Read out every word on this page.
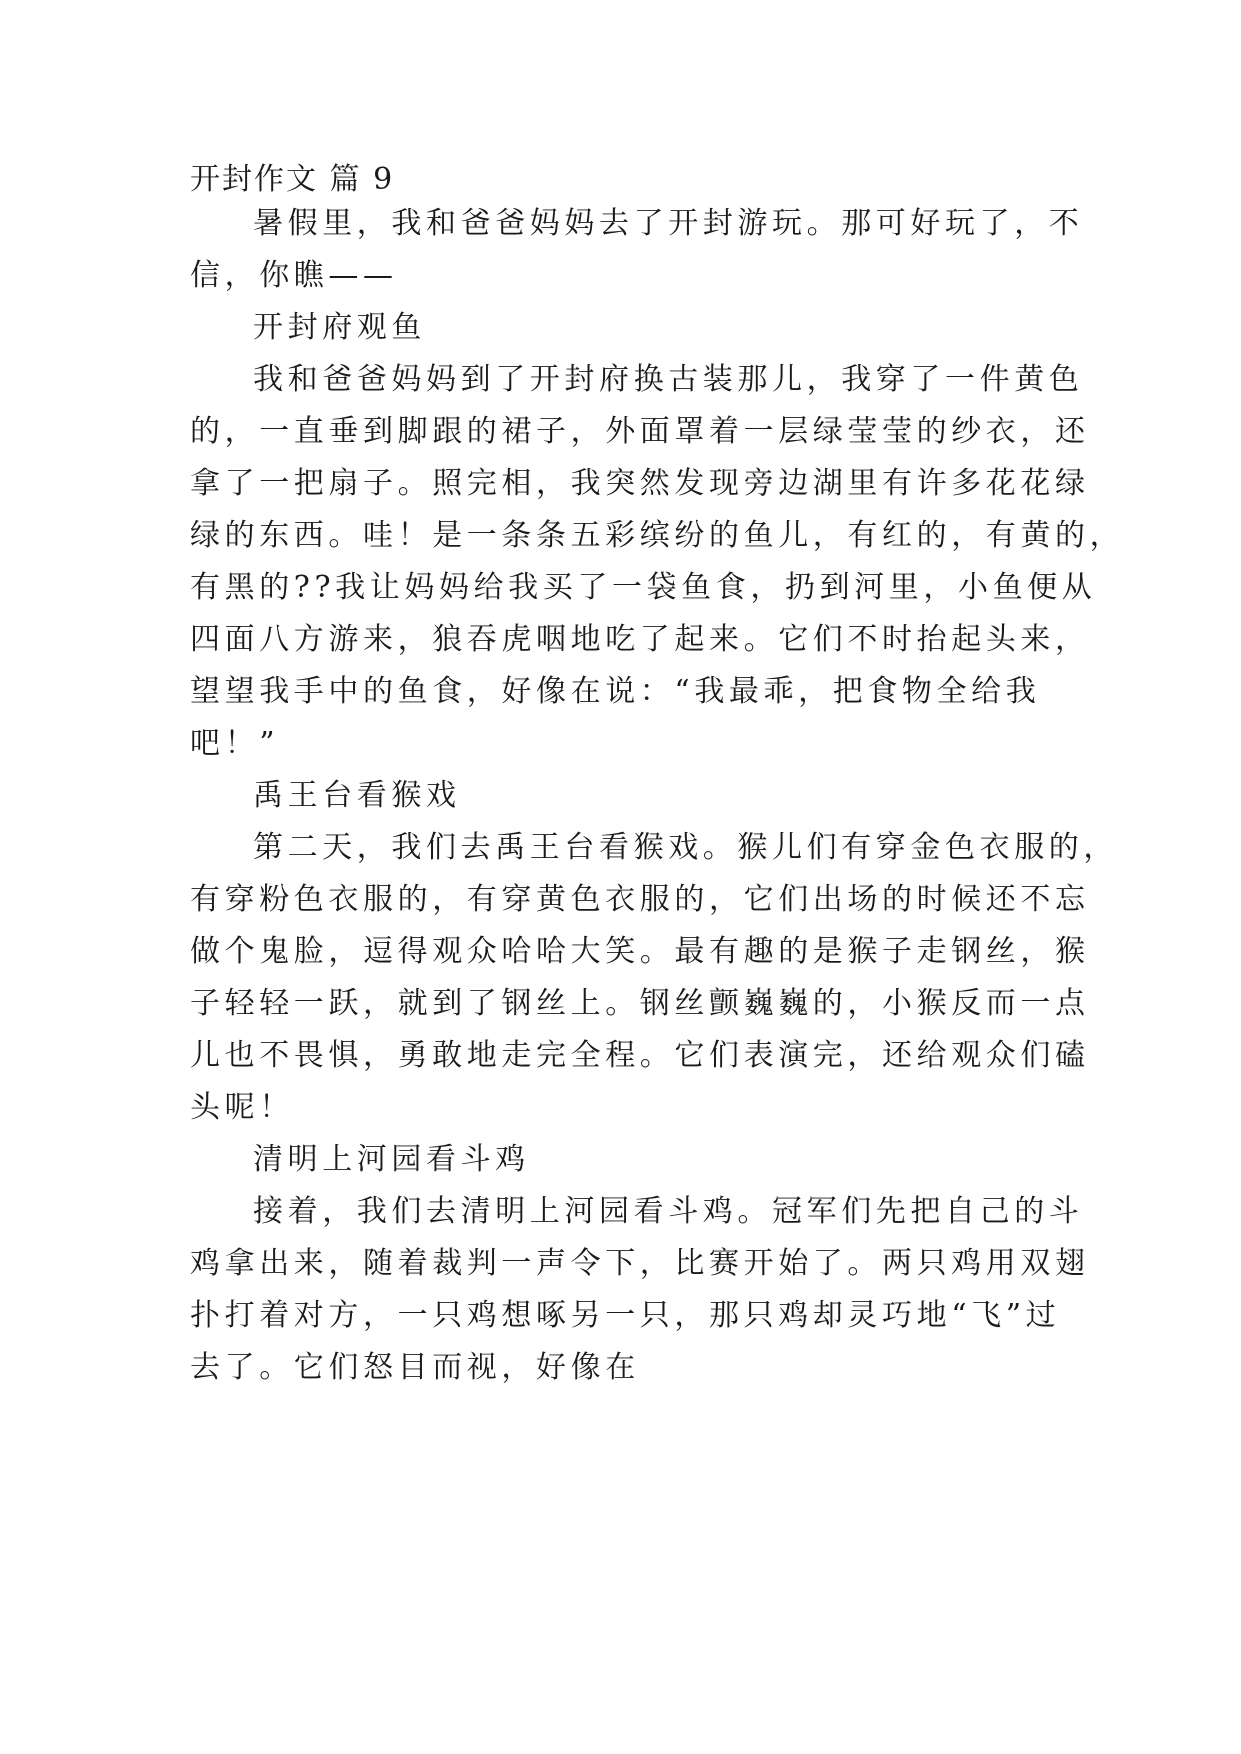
开封作文 篇 9
暑假里，我和爸爸妈妈去了开封游玩。那可好玩了，不
信，你瞧——
开封府观鱼
我和爸爸妈妈到了开封府换古装那儿，我穿了一件黄色
的，一直垂到脚跟的裙子，外面罩着一层绿莹莹的纱衣，还
拿了一把扇子。照完相，我突然发现旁边湖里有许多花花绿
绿的东西。哇！是一条条五彩缤纷的鱼儿，有红的，有黄的，
有黑的??我让妈妈给我买了一袋鱼食，扔到河里，小鱼便从
四面八方游来，狼吞虎咽地吃了起来。它们不时抬起头来，
望望我手中的鱼食，好像在说：“我最乖，把食物全给我
吧！”
禹王台看猴戏
第二天，我们去禹王台看猴戏。猴儿们有穿金色衣服的，
有穿粉色衣服的，有穿黄色衣服的，它们出场的时候还不忘
做个鬼脸，逗得观众哈哈大笑。最有趣的是猴子走钢丝，猴
子轻轻一跃，就到了钢丝上。钢丝颤巍巍的，小猴反而一点
儿也不畏惧，勇敢地走完全程。它们表演完，还给观众们磕
头呢！
清明上河园看斗鸡
接着，我们去清明上河园看斗鸡。冠军们先把自己的斗
鸡拿出来，随着裁判一声令下，比赛开始了。两只鸡用双翅
扑打着对方，一只鸡想啄另一只，那只鸡却灵巧地“飞”过
去了。它们怒目而视，好像在
